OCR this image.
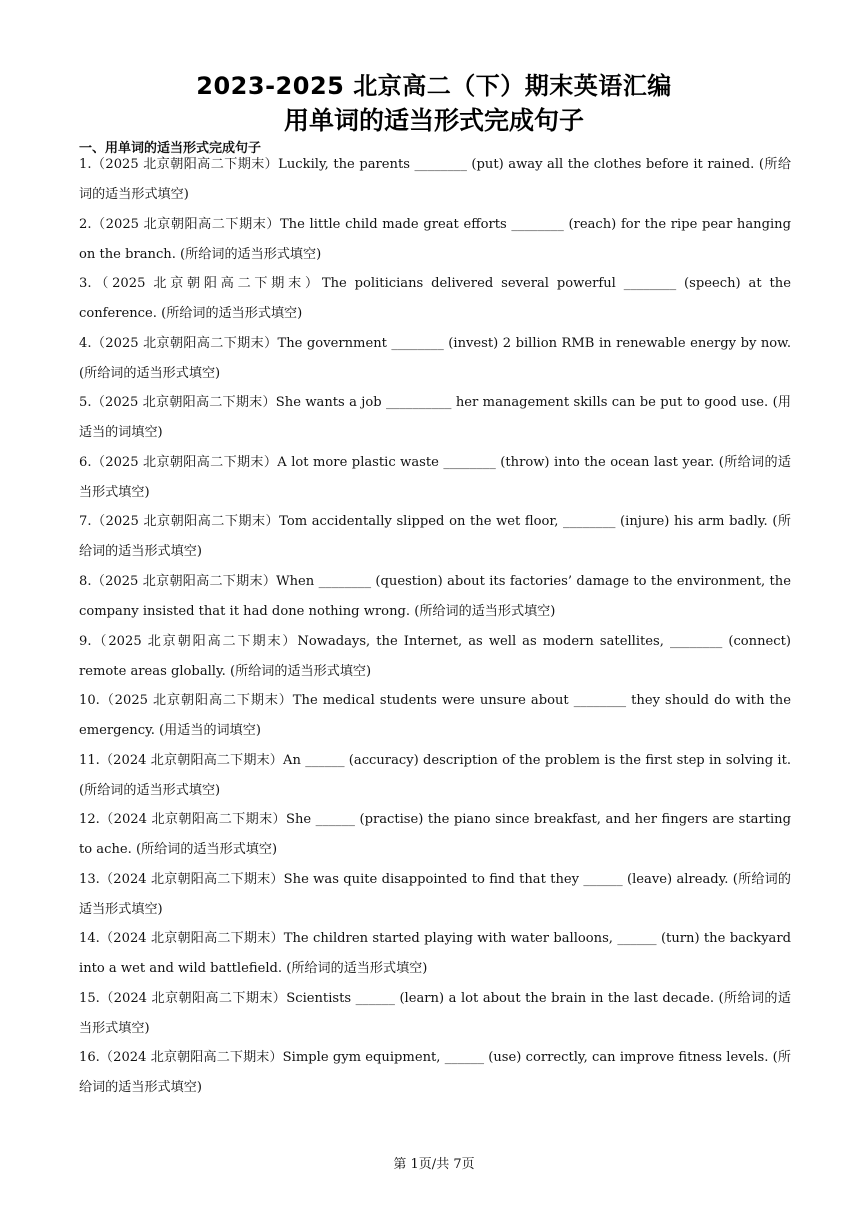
2023-2025 北京高二（下）期末英语汇编
用单词的适当形式完成句子
一、用单词的适当形式完成句子
1.（2025 北京朝阳高二下期末）Luckily, the parents ________ (put) away all the clothes before it rained. (所给词的适当形式填空)
2.（2025 北京朝阳高二下期末）The little child made great efforts ________ (reach) for the ripe pear hanging on the branch. (所给词的适当形式填空)
3.（2025 北京朝阳高二下期末）The politicians delivered several powerful ________ (speech) at the conference. (所给词的适当形式填空)
4.（2025 北京朝阳高二下期末）The government ________ (invest) 2 billion RMB in renewable energy by now. (所给词的适当形式填空)
5.（2025 北京朝阳高二下期末）She wants a job __________ her management skills can be put to good use. (用适当的词填空)
6.（2025 北京朝阳高二下期末）A lot more plastic waste ________ (throw) into the ocean last year. (所给词的适当形式填空)
7.（2025 北京朝阳高二下期末）Tom accidentally slipped on the wet floor, ________ (injure) his arm badly. (所给词的适当形式填空)
8.（2025 北京朝阳高二下期末）When ________ (question) about its factories’ damage to the environment, the company insisted that it had done nothing wrong. (所给词的适当形式填空)
9.（2025 北京朝阳高二下期末）Nowadays, the Internet, as well as modern satellites, ________ (connect) remote areas globally. (所给词的适当形式填空)
10.（2025 北京朝阳高二下期末）The medical students were unsure about ________ they should do with the emergency. (用适当的词填空)
11.（2024 北京朝阳高二下期末）An ______ (accuracy) description of the problem is the first step in solving it. (所给词的适当形式填空)
12.（2024 北京朝阳高二下期末）She ______ (practise) the piano since breakfast, and her fingers are starting to ache. (所给词的适当形式填空)
13.（2024 北京朝阳高二下期末）She was quite disappointed to find that they ______ (leave) already. (所给词的适当形式填空)
14.（2024 北京朝阳高二下期末）The children started playing with water balloons, ______ (turn) the backyard into a wet and wild battlefield. (所给词的适当形式填空)
15.（2024 北京朝阳高二下期末）Scientists ______ (learn) a lot about the brain in the last decade. (所给词的适当形式填空)
16.（2024 北京朝阳高二下期末）Simple gym equipment, ______ (use) correctly, can improve fitness levels. (所给词的适当形式填空)
第 1页/共 7页
